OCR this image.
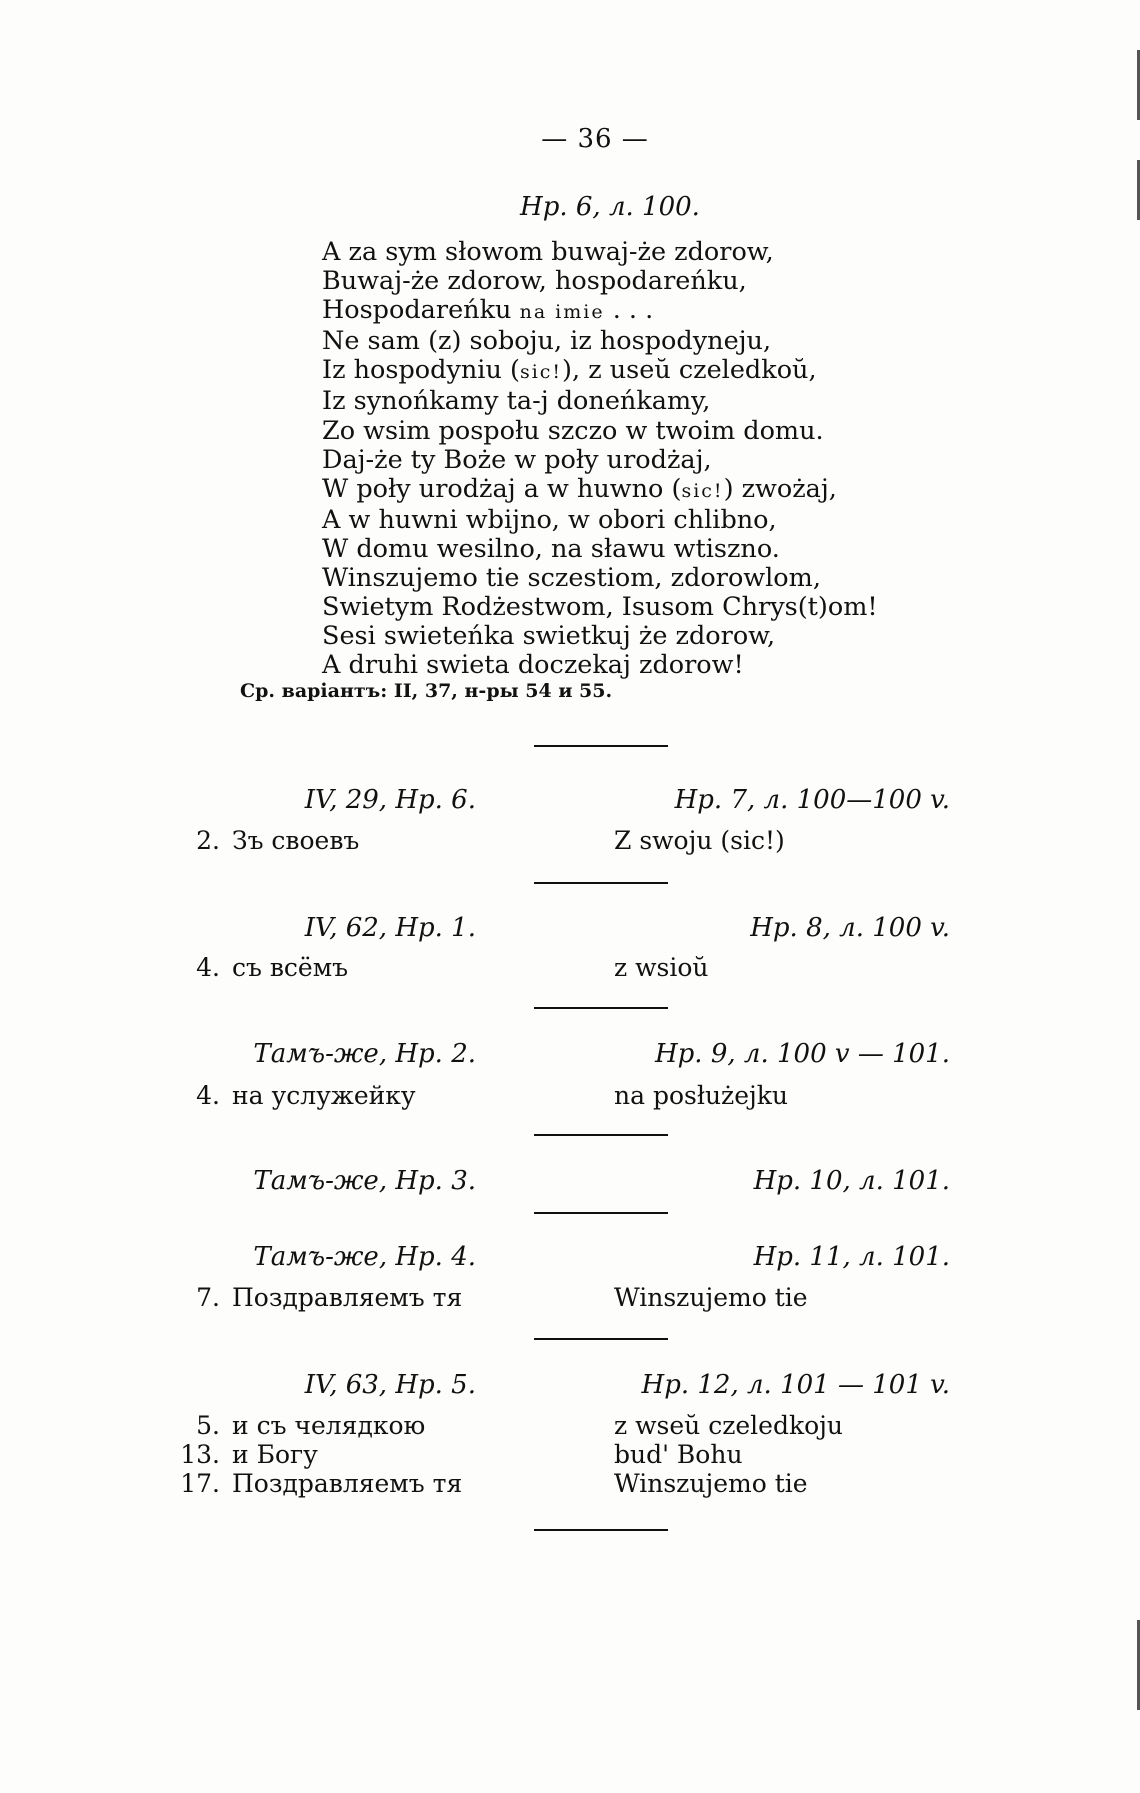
— 36 —
Нр. 6, л. 100.
A za sym słowom buwaj-że zdorow,
Buwaj-że zdorow, hospodareńku,
Hospodareńku na imie . . .
Ne sam (z) soboju, iz hospodyneju,
Iz hospodyniu (sic!), z useŭ czeledkoŭ,
Iz synońkamy ta-j doneńkamy,
Zo wsim pospołu szczo w twoim domu.
Daj-że ty Boże w poły urodżaj,
W poły urodżaj a w huwno (sic!) zwożaj,
A w huwni wbijno, w obori chlibno,
W domu wesilno, na sławu wtiszno.
Winszujemo tie sczestiom, zdorowlom,
Swietym Rodżestwom, Isusom Chrys(t)om!
Sesi swieteńka swietkuj że zdorow,
A druhi swieta doczekaj zdorow!
Ср. варіантъ: II, 37, н-ры 54 и 55.
IV, 29, Нр. 6.	Нр. 7, л. 100—100 v.
2. Зъ своевъ	Z swoju (sic!)
IV, 62, Нр. 1.	Нр. 8, л. 100 v.
4. съ всёмъ	z wsioŭ
Тамъ-же, Нр. 2.	Нр. 9, л. 100 v — 101.
4. на услужейку	na posłużejku
Тамъ-же, Нр. 3.	Нр. 10, л. 101.
Тамъ-же, Нр. 4.	Нр. 11, л. 101.
7. Поздравляемъ тя	Winszujemo tie
IV, 63, Нр. 5.	Нр. 12, л. 101 — 101 v.
5. и съ челядкою	z wseŭ czeledkoju
13. и Богу	bud' Bohu
17. Поздравляемъ тя	Winszujemo tie
